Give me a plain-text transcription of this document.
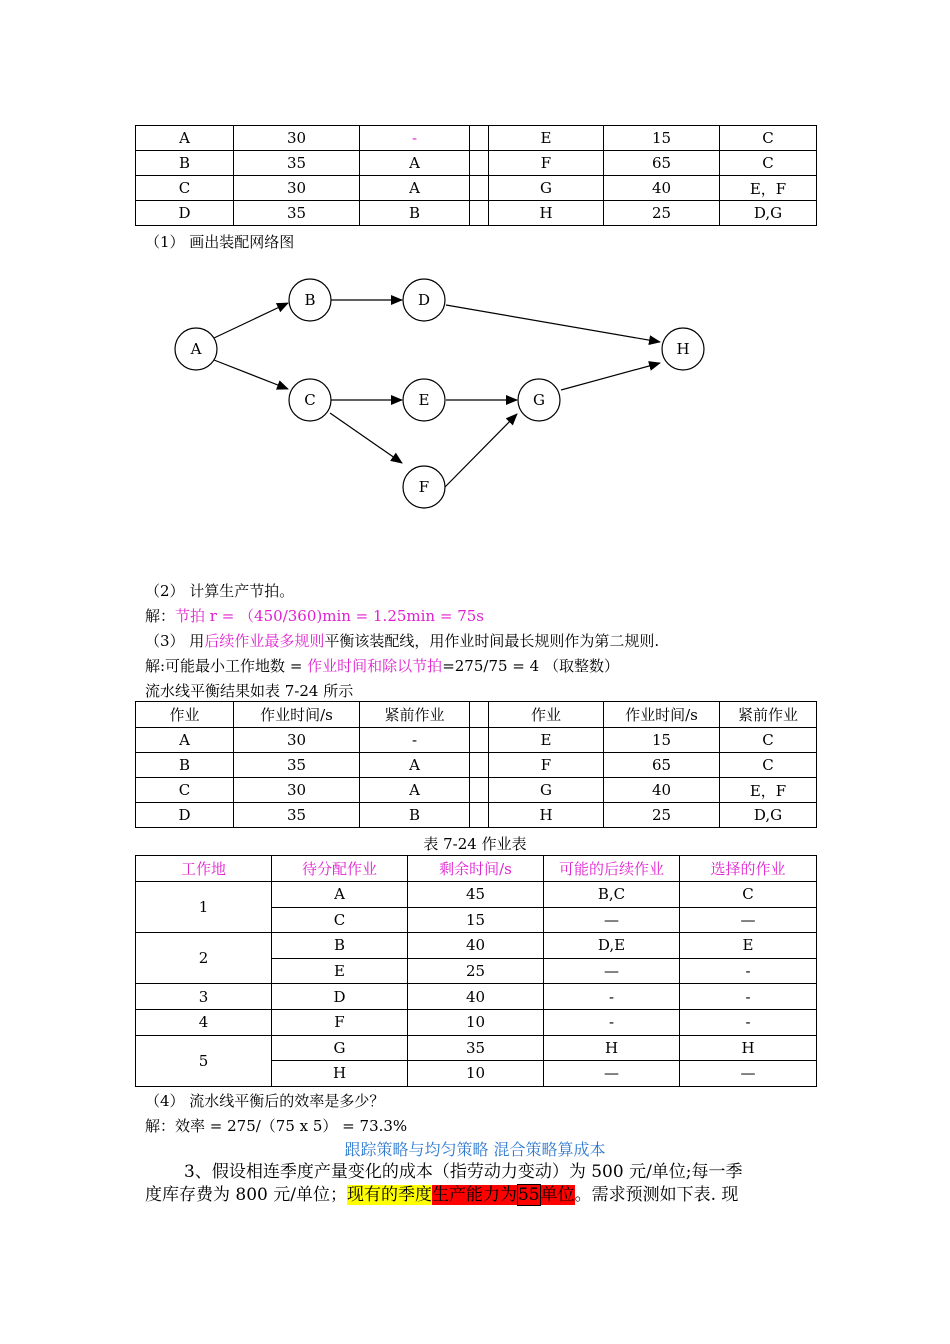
A	30	-		E	15	C
B	35	A		F	65	C
C	30	A		G	40	E，F
D	35	B		H	25	D,G
（1） 画出装配网络图
A
B
C
D
E
F
G
H
（2） 计算生产节拍。
解：节拍 r = （450/360)min = 1.25min = 75s
（3） 用后续作业最多规则平衡该装配线，用作业时间最长规则作为第二规则.
解:可能最小工作地数 = 作业时间和除以节拍=275/75 = 4 （取整数）
流水线平衡结果如表 7-24 所示
作业	作业时间/s	紧前作业		作业	作业时间/s	紧前作业
A	30	-		E	15	C
B	35	A		F	65	C
C	30	A		G	40	E，F
D	35	B		H	25	D,G
表 7-24 作业表
工作地	待分配作业	剩余时间/s	可能的后续作业	选择的作业
1	A	45	B,C	C
	C	15	—	—
2	B	40	D,E	E
	E	25	—	-
3	D	40	-	-
4	F	10	-	-
5	G	35	H	H
	H	10	—	—
（4） 流水线平衡后的效率是多少？
解：效率 = 275/（75 x 5） = 73.3%
跟踪策略与均匀策略 混合策略算成本
3、假设相连季度产量变化的成本（指劳动力变动）为 500 元/单位;每一季
度库存费为 800 元/单位；现有的季度生产能力为55单位。需求预测如下表. 现
